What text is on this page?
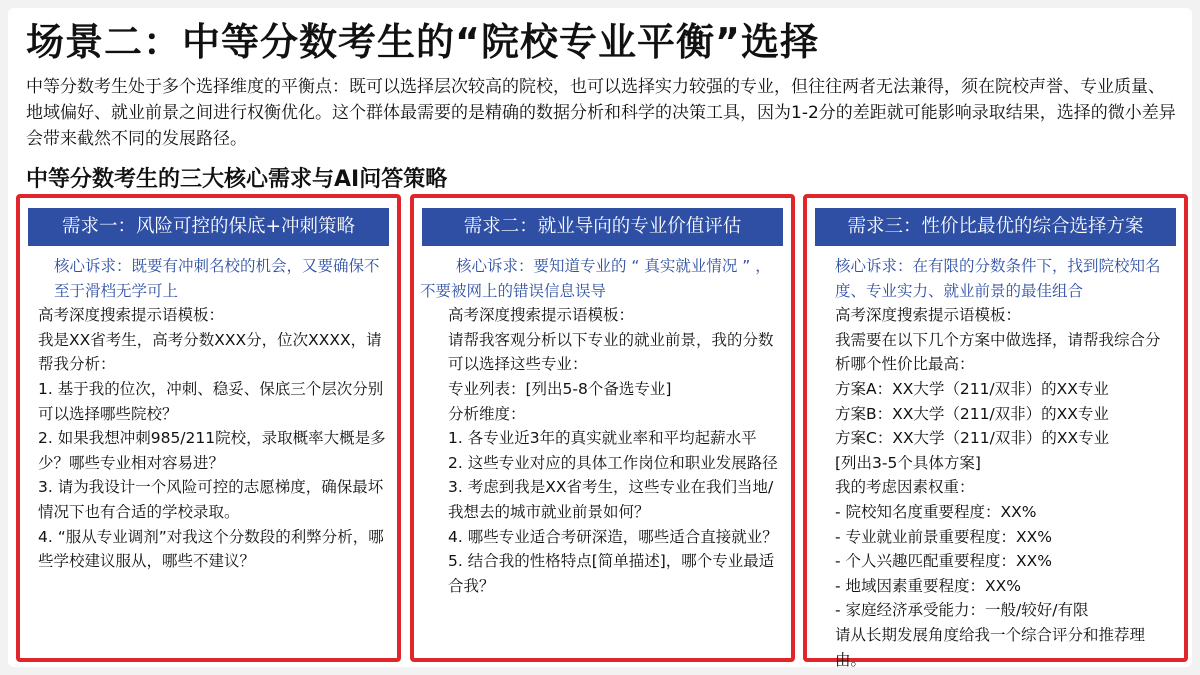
场景二：中等分数考生的“院校专业平衡”选择
中等分数考生处于多个选择维度的平衡点：既可以选择层次较高的院校，也可以选择实力较强的专业，但往往两者无法兼得，须在院校声誉、专业质量、地域偏好、就业前景之间进行权衡优化。这个群体最需要的是精确的数据分析和科学的决策工具，因为1-2分的差距就可能影响录取结果，选择的微小差异会带来截然不同的发展路径。
中等分数考生的三大核心需求与AI问答策略
需求一：风险可控的保底+冲刺策略
核心诉求：既要有冲刺名校的机会，又要确保不至于滑档无学可上
高考深度搜索提示语模板：
我是XX省考生，高考分数XXX分，位次XXXX，请帮我分析：
1. 基于我的位次，冲刺、稳妥、保底三个层次分别可以选择哪些院校？
2. 如果我想冲刺985/211院校，录取概率大概是多少？哪些专业相对容易进？
3. 请为我设计一个风险可控的志愿梯度，确保最坏情况下也有合适的学校录取。
4. “服从专业调剂”对我这个分数段的利弊分析，哪些学校建议服从，哪些不建议？
需求二：就业导向的专业价值评估
核心诉求：要知道专业的 “ 真实就业情况 ” ，不要被网上的错误信息误导
高考深度搜索提示语模板：
请帮我客观分析以下专业的就业前景，我的分数可以选择这些专业：
专业列表：[列出5-8个备选专业]
分析维度：
1. 各专业近3年的真实就业率和平均起薪水平
2. 这些专业对应的具体工作岗位和职业发展路径
3. 考虑到我是XX省考生，这些专业在我们当地/我想去的城市就业前景如何？
4. 哪些专业适合考研深造，哪些适合直接就业？
5. 结合我的性格特点[简单描述]，哪个专业最适合我？
需求三：性价比最优的综合选择方案
核心诉求：在有限的分数条件下，找到院校知名度、专业实力、就业前景的最佳组合
高考深度搜索提示语模板：
我需要在以下几个方案中做选择，请帮我综合分析哪个性价比最高：
方案A：XX大学（211/双非）的XX专业
方案B：XX大学（211/双非）的XX专业
方案C：XX大学（211/双非）的XX专业
[列出3-5个具体方案]
我的考虑因素权重：
- 院校知名度重要程度：XX%
- 专业就业前景重要程度：XX%
- 个人兴趣匹配重要程度：XX%
- 地域因素重要程度：XX%
- 家庭经济承受能力：一般/较好/有限
请从长期发展角度给我一个综合评分和推荐理由。
